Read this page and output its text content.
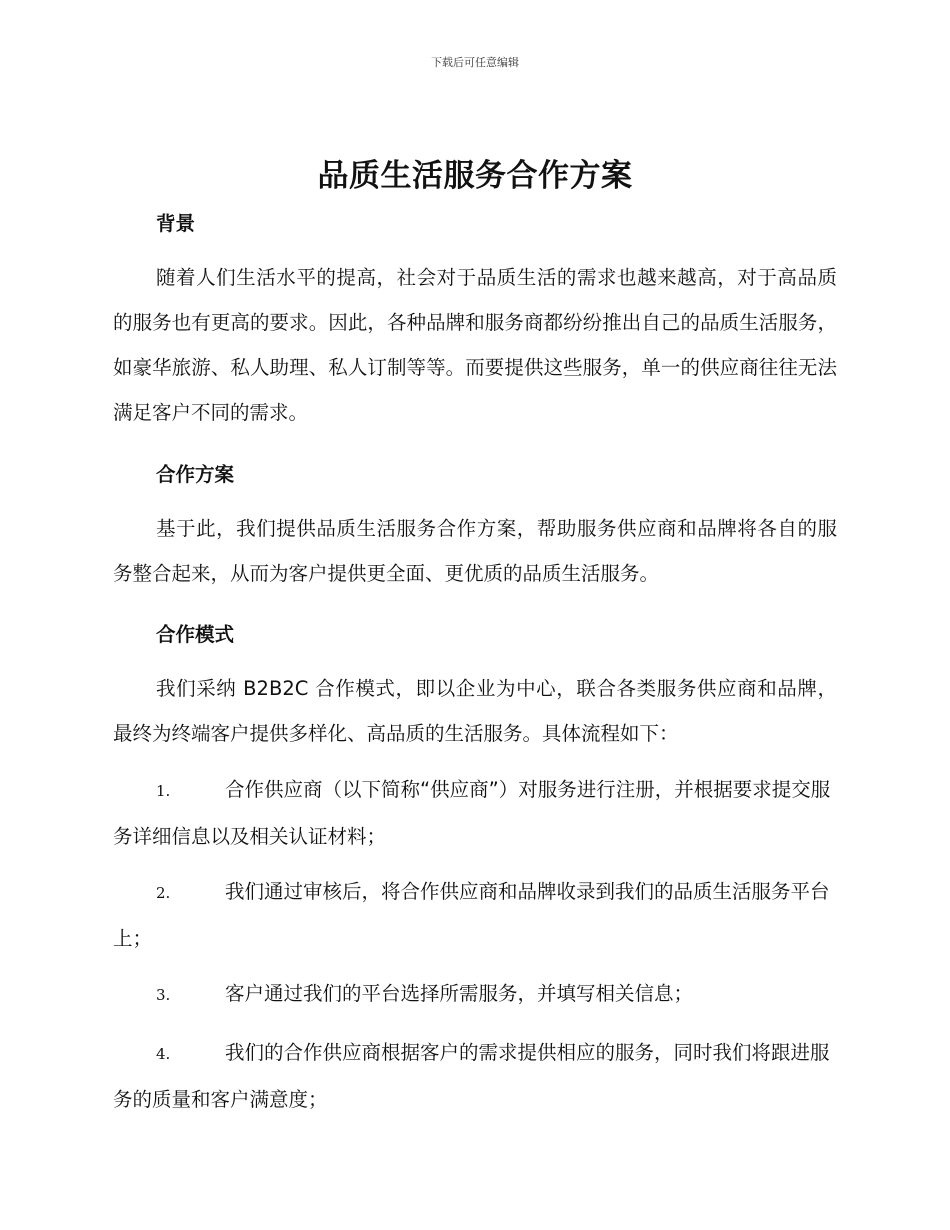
下载后可任意编辑
品质生活服务合作方案
背景

随着人们生活水平的提高，社会对于品质生活的需求也越来越高，对于高品质的服务也有更高的要求。因此，各种品牌和服务商都纷纷推出自己的品质生活服务，如豪华旅游、私人助理、私人订制等等。而要提供这些服务，单一的供应商往往无法满足客户不同的需求。

合作方案

基于此，我们提供品质生活服务合作方案，帮助服务供应商和品牌将各自的服务整合起来，从而为客户提供更全面、更优质的品质生活服务。

合作模式

我们采纳 B2B2C 合作模式，即以企业为中心，联合各类服务供应商和品牌，最终为终端客户提供多样化、高品质的生活服务。具体流程如下：

1.	合作供应商（以下简称“供应商”）对服务进行注册，并根据要求提交服务详细信息以及相关认证材料；

2.	我们通过审核后，将合作供应商和品牌收录到我们的品质生活服务平台上；

3.	客户通过我们的平台选择所需服务，并填写相关信息；

4.	我们的合作供应商根据客户的需求提供相应的服务，同时我们将跟进服务的质量和客户满意度；
